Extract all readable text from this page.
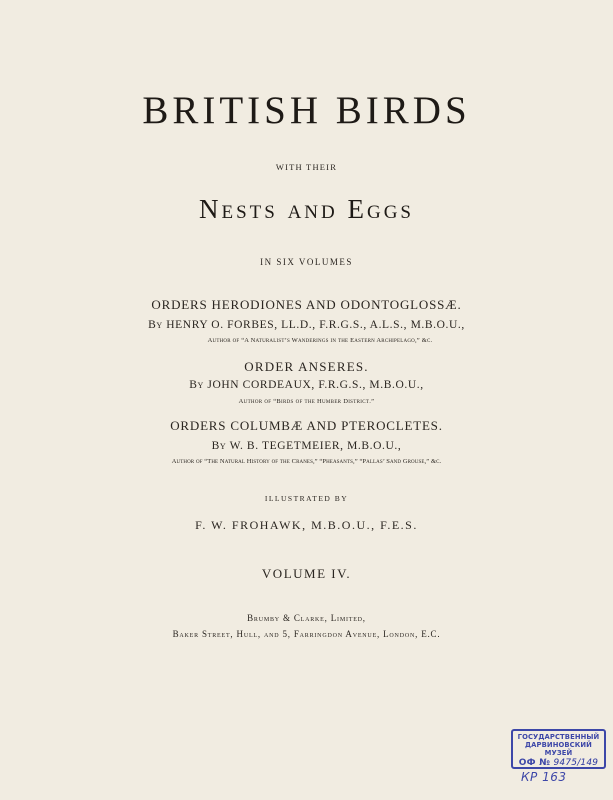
BRITISH BIRDS
WITH THEIR
Nests and Eggs
IN SIX VOLUMES
ORDERS HERODIONES AND ODONTOGLOSSÆ.
By HENRY O. FORBES, LL.D., F.R.G.S., A.L.S., M.B.O.U.,
Author of “A Naturalist’s Wanderings in the Eastern Archipelago,” &c.
ORDER ANSERES.
By JOHN CORDEAUX, F.R.G.S., M.B.O.U.,
Author of “Birds of the Humber District.”
ORDERS COLUMBÆ AND PTEROCLETES.
By W. B. TEGETMEIER, M.B.O.U.,
Author of “The Natural History of the Cranes,” “Pheasants,” “Pallas’ Sand Grouse,” &c.
ILLUSTRATED BY
F. W. FROHAWK, M.B.O.U., F.E.S.
VOLUME IV.
Brumby & Clarke, Limited,
Baker Street, Hull, and 5, Farringdon Avenue, London, E.C.
ГОСУДАРСТВЕННЫЙ
ДАРВИНОВСКИЙ МУЗЕЙ
ОФ № 9475/149
КР 163
